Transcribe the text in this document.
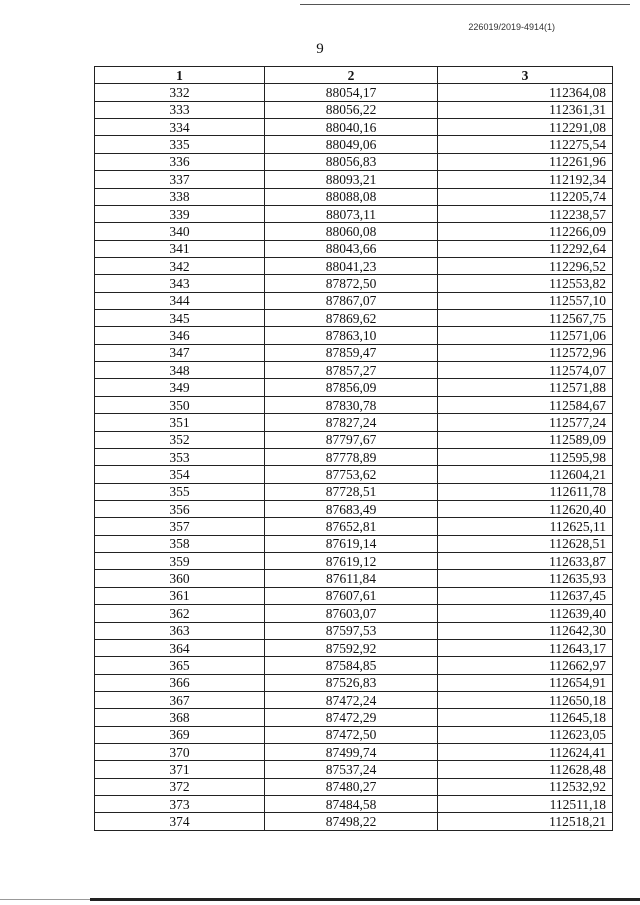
226019/2019-4914(1)
9
1	2	3
332	88054,17	112364,08
333	88056,22	112361,31
334	88040,16	112291,08
335	88049,06	112275,54
336	88056,83	112261,96
337	88093,21	112192,34
338	88088,08	112205,74
339	88073,11	112238,57
340	88060,08	112266,09
341	88043,66	112292,64
342	88041,23	112296,52
343	87872,50	112553,82
344	87867,07	112557,10
345	87869,62	112567,75
346	87863,10	112571,06
347	87859,47	112572,96
348	87857,27	112574,07
349	87856,09	112571,88
350	87830,78	112584,67
351	87827,24	112577,24
352	87797,67	112589,09
353	87778,89	112595,98
354	87753,62	112604,21
355	87728,51	112611,78
356	87683,49	112620,40
357	87652,81	112625,11
358	87619,14	112628,51
359	87619,12	112633,87
360	87611,84	112635,93
361	87607,61	112637,45
362	87603,07	112639,40
363	87597,53	112642,30
364	87592,92	112643,17
365	87584,85	112662,97
366	87526,83	112654,91
367	87472,24	112650,18
368	87472,29	112645,18
369	87472,50	112623,05
370	87499,74	112624,41
371	87537,24	112628,48
372	87480,27	112532,92
373	87484,58	112511,18
374	87498,22	112518,21
